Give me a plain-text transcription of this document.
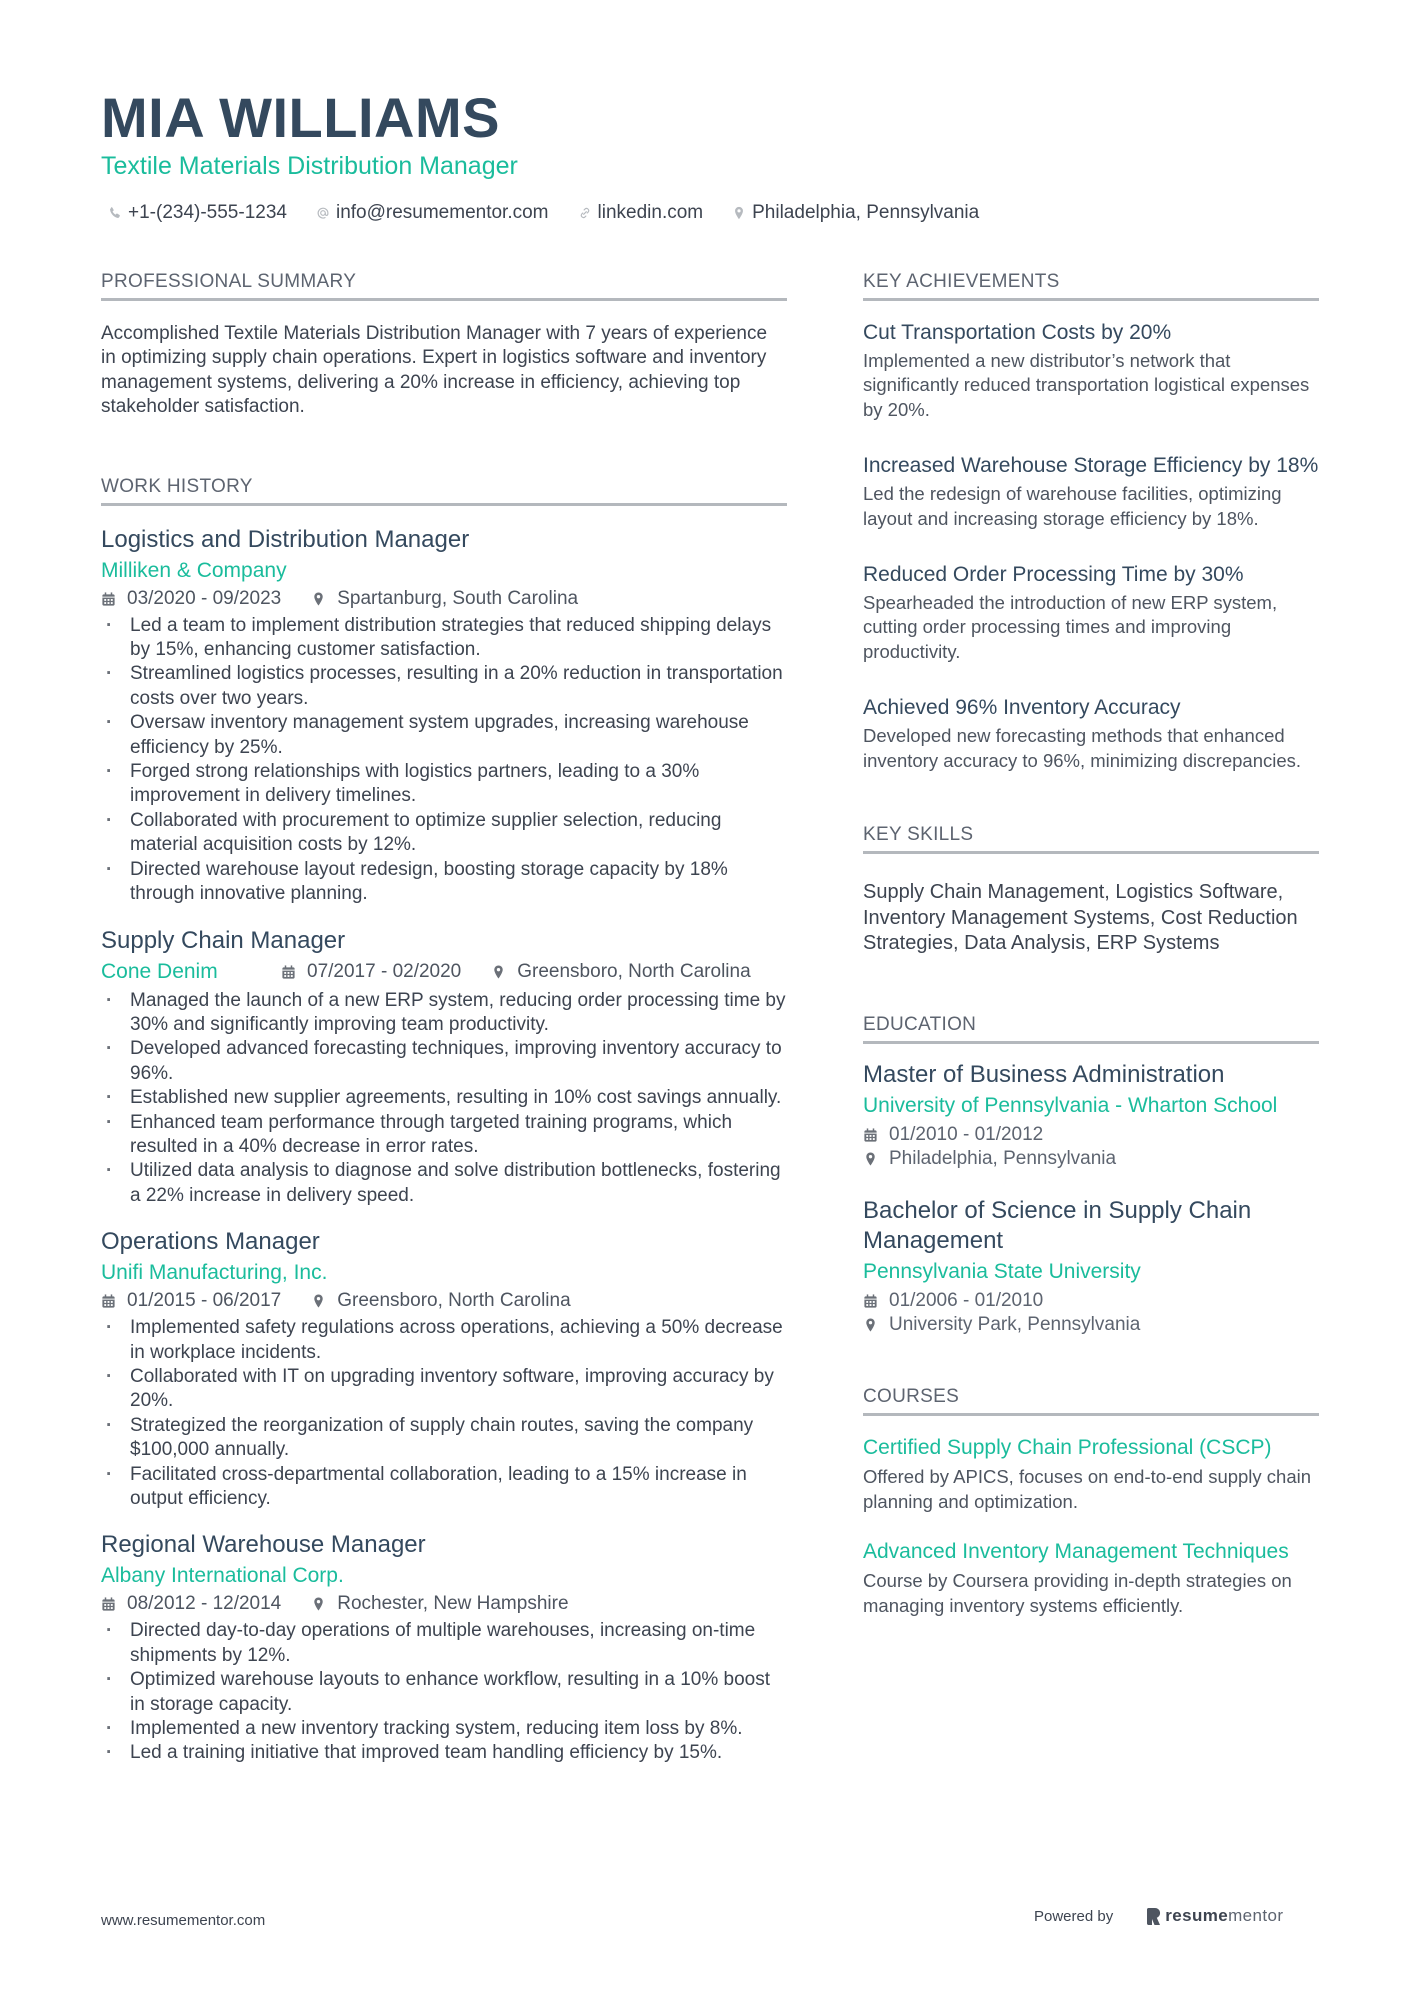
MIA WILLIAMS
Textile Materials Distribution Manager
+1-(234)-555-1234	info@resumementor.com	linkedin.com	Philadelphia, Pennsylvania
PROFESSIONAL SUMMARY

Accomplished Textile Materials Distribution Manager with 7 years of experience in optimizing supply chain operations. Expert in logistics software and inventory management systems, delivering a 20% increase in efficiency, achieving top stakeholder satisfaction.

WORK HISTORY
Logistics and Distribution Manager
Milliken & Company
03/2020 - 09/2023	Spartanburg, South Carolina
· Led a team to implement distribution strategies that reduced shipping delays by 15%, enhancing customer satisfaction.
· Streamlined logistics processes, resulting in a 20% reduction in transportation costs over two years.
· Oversaw inventory management system upgrades, increasing warehouse efficiency by 25%.
· Forged strong relationships with logistics partners, leading to a 30% improvement in delivery timelines.
· Collaborated with procurement to optimize supplier selection, reducing material acquisition costs by 12%.
· Directed warehouse layout redesign, boosting storage capacity by 18% through innovative planning.
Supply Chain Manager
Cone Denim	07/2017 - 02/2020	Greensboro, North Carolina
· Managed the launch of a new ERP system, reducing order processing time by 30% and significantly improving team productivity.
· Developed advanced forecasting techniques, improving inventory accuracy to 96%.
· Established new supplier agreements, resulting in 10% cost savings annually.
· Enhanced team performance through targeted training programs, which resulted in a 40% decrease in error rates.
· Utilized data analysis to diagnose and solve distribution bottlenecks, fostering a 22% increase in delivery speed.
Operations Manager
Unifi Manufacturing, Inc.
01/2015 - 06/2017	Greensboro, North Carolina
· Implemented safety regulations across operations, achieving a 50% decrease in workplace incidents.
· Collaborated with IT on upgrading inventory software, improving accuracy by 20%.
· Strategized the reorganization of supply chain routes, saving the company $100,000 annually.
· Facilitated cross-departmental collaboration, leading to a 15% increase in output efficiency.
Regional Warehouse Manager
Albany International Corp.
08/2012 - 12/2014	Rochester, New Hampshire
· Directed day-to-day operations of multiple warehouses, increasing on-time shipments by 12%.
· Optimized warehouse layouts to enhance workflow, resulting in a 10% boost in storage capacity.
· Implemented a new inventory tracking system, reducing item loss by 8%.
· Led a training initiative that improved team handling efficiency by 15%.
KEY ACHIEVEMENTS
Cut Transportation Costs by 20%
Implemented a new distributor’s network that significantly reduced transportation logistical expenses by 20%.
Increased Warehouse Storage Efficiency by 18%
Led the redesign of warehouse facilities, optimizing layout and increasing storage efficiency by 18%.
Reduced Order Processing Time by 30%
Spearheaded the introduction of new ERP system, cutting order processing times and improving productivity.
Achieved 96% Inventory Accuracy
Developed new forecasting methods that enhanced inventory accuracy to 96%, minimizing discrepancies.
KEY SKILLS

Supply Chain Management, Logistics Software, Inventory Management Systems, Cost Reduction Strategies, Data Analysis, ERP Systems

EDUCATION
Master of Business Administration
University of Pennsylvania - Wharton School
01/2010 - 01/2012
Philadelphia, Pennsylvania
Bachelor of Science in Supply Chain Management
Pennsylvania State University
01/2006 - 01/2010
University Park, Pennsylvania
COURSES
Certified Supply Chain Professional (CSCP)
Offered by APICS, focuses on end-to-end supply chain planning and optimization.
Advanced Inventory Management Techniques
Course by Coursera providing in-depth strategies on managing inventory systems efficiently.
www.resumementor.com	Powered by	resume mentor
